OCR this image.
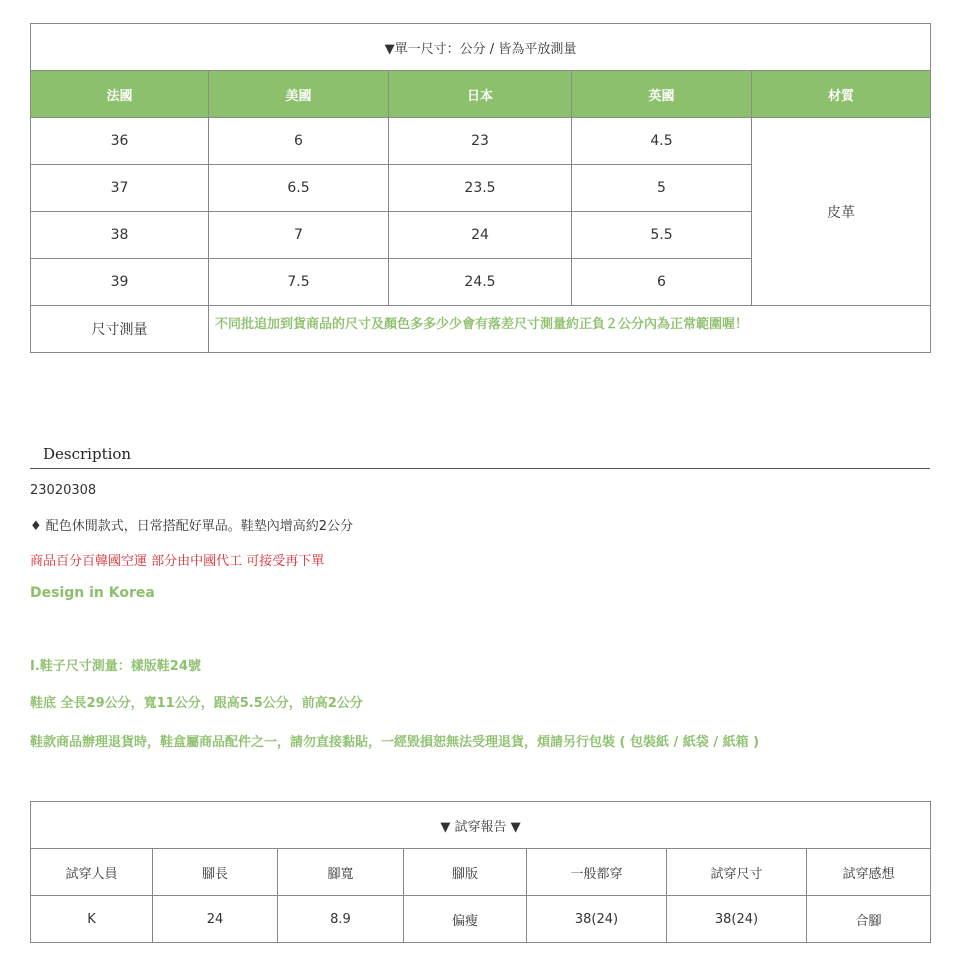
▼單一尺寸：公分 / 皆為平放測量				
法國	美國	日本	英國	材質
36	6	23	4.5	皮革
37	6.5	23.5	5	
38	7	24	5.5	
39	7.5	24.5	6	
尺寸測量	不同批追加到貨商品的尺寸及顏色多多少少會有落差尺寸測量約正負２公分內為正常範圍喔！			
Description
23020308
♦ 配色休閒款式，日常搭配好單品。鞋墊內增高約2公分
商品百分百韓國空運 部分由中國代工 可接受再下單
Design in Korea
Ⅰ.鞋子尺寸測量：樣版鞋24號
鞋底 全長29公分，寬11公分，跟高5.5公分，前高2公分
鞋款商品辦理退貨時，鞋盒屬商品配件之一，請勿直接黏貼，一經毀損恕無法受理退貨，煩請另行包裝 ( 包裝紙 / 紙袋 / 紙箱 )
▼ 試穿報告 ▼						
試穿人員	腳長	腳寬	腳版	一般都穿	試穿尺寸	試穿感想
K	24	8.9	偏瘦	38(24)	38(24)	合腳
